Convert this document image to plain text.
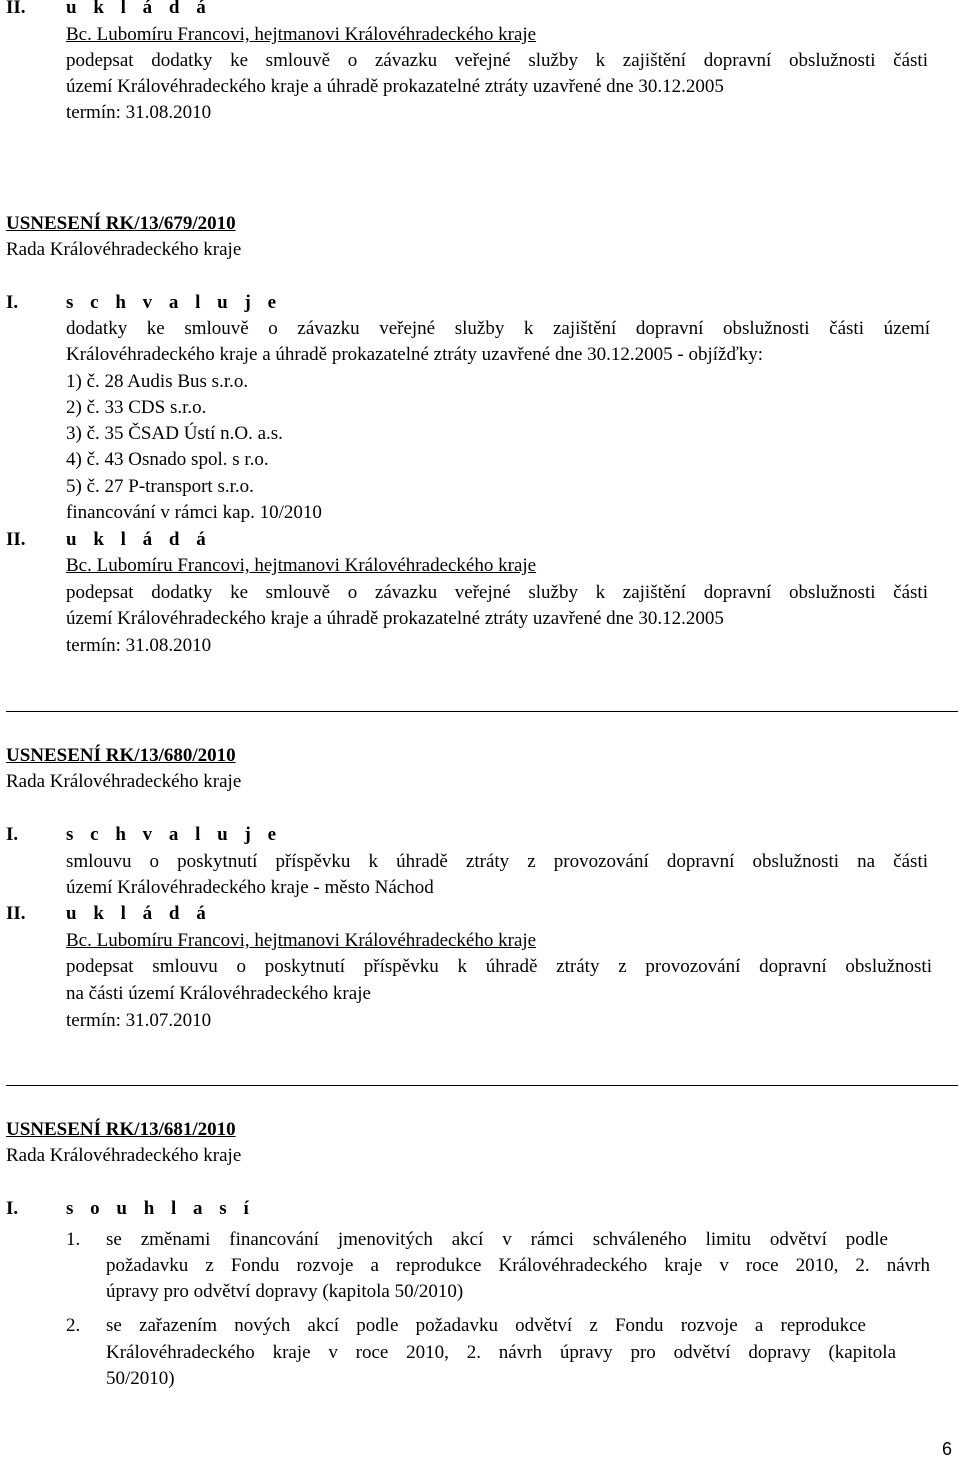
II. u k l á d á
Bc. Lubomíru Francovi, hejtmanovi Královéhradeckého kraje
podepsat dodatky ke smlouvě o závazku veřejné služby k zajištění dopravní obslužnosti části
území Královéhradeckého kraje a úhradě prokazatelné ztráty uzavřené dne 30.12.2005
termín: 31.08.2010
USNESENÍ RK/13/679/2010
Rada Královéhradeckého kraje
I.	s c h v a l u j e
dodatky ke smlouvě o závazku veřejné služby k zajištění dopravní obslužnosti části území
Královéhradeckého kraje a úhradě prokazatelné ztráty uzavřené dne 30.12.2005 - objížďky:
1) č. 28 Audis Bus s.r.o.
2) č. 33 CDS s.r.o.
3) č. 35 ČSAD Ústí n.O. a.s.
4) č. 43 Osnado spol. s r.o.
5) č. 27 P-transport s.r.o.
financování v rámci kap. 10/2010
II. u k l á d á
Bc. Lubomíru Francovi, hejtmanovi Královéhradeckého kraje
podepsat dodatky ke smlouvě o závazku veřejné služby k zajištění dopravní obslužnosti části
území Královéhradeckého kraje a úhradě prokazatelné ztráty uzavřené dne 30.12.2005
termín: 31.08.2010
USNESENÍ RK/13/680/2010
Rada Královéhradeckého kraje
I.	s c h v a l u j e
smlouvu o poskytnutí příspěvku k úhradě ztráty z provozování dopravní obslužnosti na části
území Královéhradeckého kraje - město Náchod
II. u k l á d á
Bc. Lubomíru Francovi, hejtmanovi Královéhradeckého kraje
podepsat smlouvu o poskytnutí příspěvku k úhradě ztráty z provozování dopravní obslužnosti
na části území Královéhradeckého kraje
termín: 31.07.2010
USNESENÍ RK/13/681/2010
Rada Královéhradeckého kraje
I.	s o u h l a s í
1. se změnami financování jmenovitých akcí v rámci schváleného limitu odvětví podle
požadavku z Fondu rozvoje a reprodukce Královéhradeckého kraje v roce 2010, 2. návrh
úpravy pro odvětví dopravy (kapitola 50/2010)
2. se zařazením nových akcí podle požadavku odvětví z Fondu rozvoje a reprodukce
Královéhradeckého kraje v roce 2010, 2. návrh úpravy pro odvětví dopravy (kapitola
50/2010)
6
